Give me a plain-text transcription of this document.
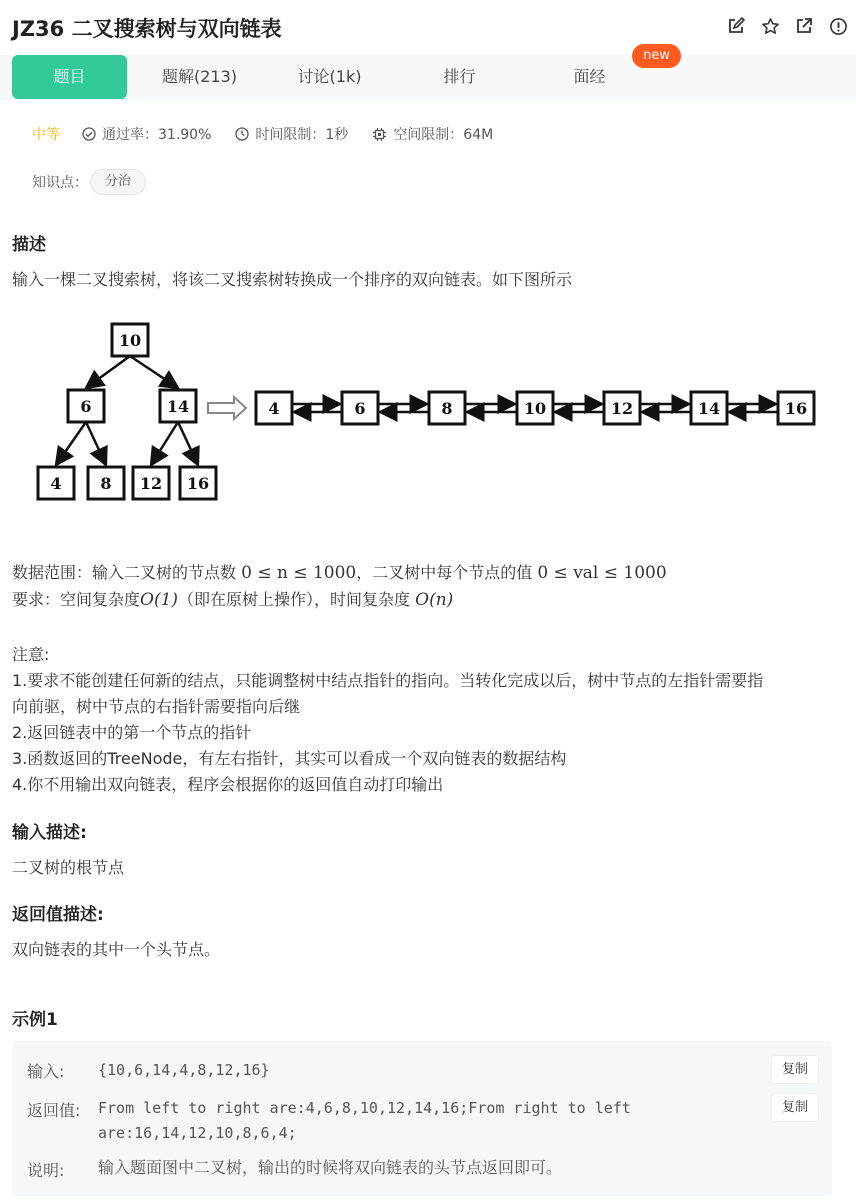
JZ36 二叉搜索树与双向链表
题目	题解(213)	讨论(1k)	排行	面经
new
中等	通过率：31.90%	时间限制：1秒	空间限制：64M
知识点：	分治
描述
输入一棵二叉搜索树，将该二叉搜索树转换成一个排序的双向链表。如下图所示
10
6	14
4 8 12 16
4	6	8	10	12	14	16
数据范围：输入二叉树的节点数 0 ≤ n ≤ 1000，二叉树中每个节点的值 0 ≤ val ≤ 1000
要求：空间复杂度O(1)（即在原树上操作），时间复杂度 O(n)
注意:
1.要求不能创建任何新的结点，只能调整树中结点指针的指向。当转化完成以后，树中节点的左指针需要指
向前驱，树中节点的右指针需要指向后继
2.返回链表中的第一个节点的指针
3.函数返回的TreeNode，有左右指针，其实可以看成一个双向链表的数据结构
4.你不用输出双向链表，程序会根据你的返回值自动打印输出
输入描述:
二叉树的根节点
返回值描述:
双向链表的其中一个头节点。
示例1
输入: {10,6,14,4,8,12,16}	复制
返回值: From left to right are:4,6,8,10,12,14,16;From right to left
are:16,14,12,10,8,6,4;
复制
说明: 输入题面图中二叉树，输出的时候将双向链表的头节点返回即可。
